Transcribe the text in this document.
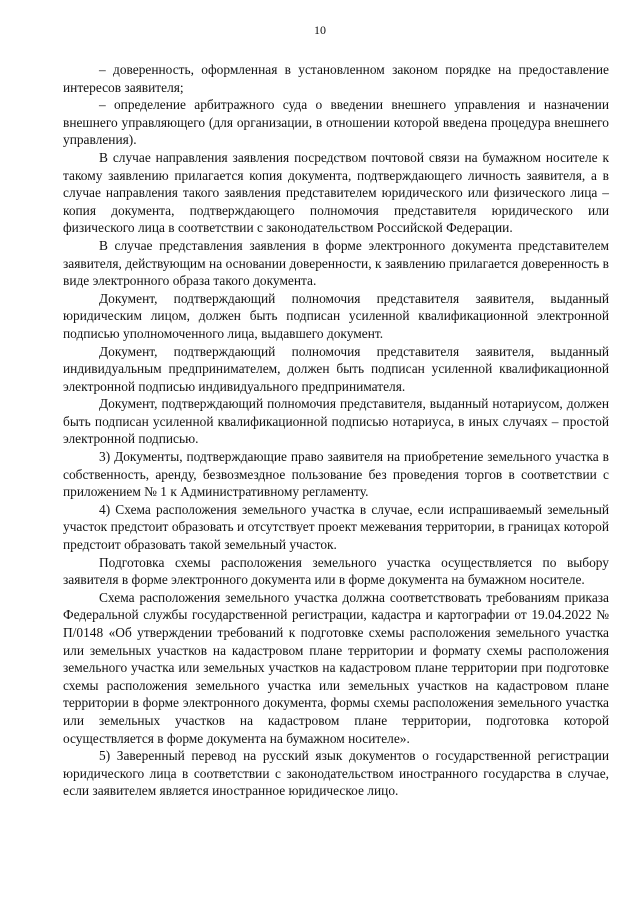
10

– доверенность, оформленная в установленном законом порядке на предоставление интересов заявителя;

– определение арбитражного суда о введении внешнего управления и назначении внешнего управляющего (для организации, в отношении которой введена процедура внешнего управления).

В случае направления заявления посредством почтовой связи на бумажном носителе к такому заявлению прилагается копия документа, подтверждающего личность заявителя, а в случае направления такого заявления представителем юридического или физического лица – копия документа, подтверждающего полномочия представителя юридического или физического лица в соответствии с законодательством Российской Федерации.

В случае представления заявления в форме электронного документа представителем заявителя, действующим на основании доверенности, к заявлению прилагается доверенность в виде электронного образа такого документа.

Документ, подтверждающий полномочия представителя заявителя, выданный юридическим лицом, должен быть подписан усиленной квалификационной электронной подписью уполномоченного лица, выдавшего документ.

Документ, подтверждающий полномочия представителя заявителя, выданный индивидуальным предпринимателем, должен быть подписан усиленной квалификационной электронной подписью индивидуального предпринимателя.

Документ, подтверждающий полномочия представителя, выданный нотариусом, должен быть подписан усиленной квалификационной подписью нотариуса, в иных случаях – простой электронной подписью.

3) Документы, подтверждающие право заявителя на приобретение земельного участка в собственность, аренду, безвозмездное пользование без проведения торгов в соответствии с приложением № 1 к Административному регламенту.

4) Схема расположения земельного участка в случае, если испрашиваемый земельный участок предстоит образовать и отсутствует проект межевания территории, в границах которой предстоит образовать такой земельный участок.

Подготовка схемы расположения земельного участка осуществляется по выбору заявителя в форме электронного документа или в форме документа на бумажном носителе.

Схема расположения земельного участка должна соответствовать требованиям приказа Федеральной службы государственной регистрации, кадастра и картографии от 19.04.2022 № П/0148 «Об утверждении требований к подготовке схемы расположения земельного участка или земельных участков на кадастровом плане территории и формату схемы расположения земельного участка или земельных участков на кадастровом плане территории при подготовке схемы расположения земельного участка или земельных участков на кадастровом плане территории в форме электронного документа, формы схемы расположения земельного участка или земельных участков на кадастровом плане территории, подготовка которой осуществляется в форме документа на бумажном носителе».

5) Заверенный перевод на русский язык документов о государственной регистрации юридического лица в соответствии с законодательством иностранного государства в случае, если заявителем является иностранное юридическое лицо.
